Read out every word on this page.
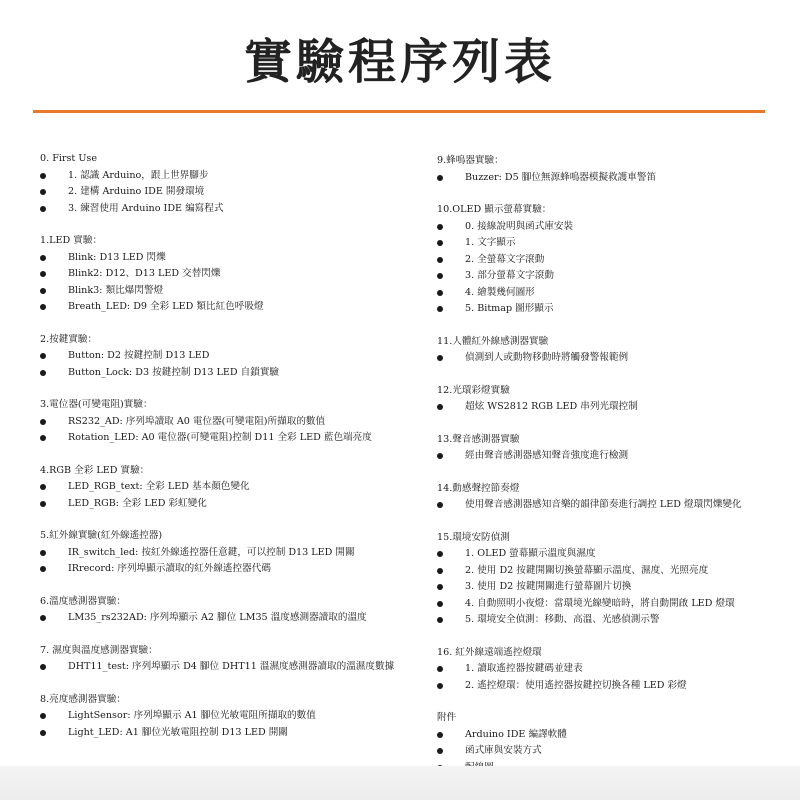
實驗程序列表
0. First Use
1. 認識 Arduino，跟上世界腳步
2. 建構 Arduino IDE 開發環境
3. 練習使用 Arduino IDE 編寫程式
1.LED 實驗：
Blink: D13 LED 閃爍
Blink2: D12、D13 LED 交替閃爍
Blink3: 類比爆閃警燈
Breath_LED: D9 全彩 LED 類比紅色呼吸燈
2.按鍵實驗：
Button: D2 按鍵控制 D13 LED
Button_Lock: D3 按鍵控制 D13 LED 自鎖實驗
3.電位器(可變電阻)實驗：
RS232_AD: 序列埠讀取 A0 電位器(可變電阻)所擷取的數值
Rotation_LED: A0 電位器(可變電阻)控制 D11 全彩 LED 藍色端亮度
4.RGB 全彩 LED 實驗：
LED_RGB_text: 全彩 LED 基本顏色變化
LED_RGB: 全彩 LED 彩虹變化
5.紅外線實驗(紅外線遙控器)
IR_switch_led: 按紅外線遙控器任意鍵，可以控制 D13 LED 開關
IRrecord: 序列埠顯示讀取的紅外線遙控器代碼
6.溫度感測器實驗：
LM35_rs232AD: 序列埠顯示 A2 腳位 LM35 溫度感測器讀取的溫度
7. 濕度與溫度感測器實驗：
DHT11_test: 序列埠顯示 D4 腳位 DHT11 溫濕度感測器讀取的溫濕度數據
8.亮度感測器實驗：
LightSensor: 序列埠顯示 A1 腳位光敏電阻所擷取的數值
Light_LED: A1 腳位光敏電阻控制 D13 LED 開關
9.蜂鳴器實驗：
Buzzer: D5 腳位無源蜂鳴器模擬救護車警笛
10.OLED 顯示螢幕實驗：
0. 接線說明與函式庫安裝
1. 文字顯示
2. 全螢幕文字滾動
3. 部分螢幕文字滾動
4. 繪製幾何圖形
5. Bitmap 圖形顯示
11.人體紅外線感測器實驗
偵測到人或動物移動時將觸發警報範例
12.光環彩燈實驗
超炫 WS2812 RGB LED 串列光環控制
13.聲音感測器實驗
經由聲音感測器感知聲音強度進行檢測
14.動感聲控節奏燈
使用聲音感測器感知音樂的韻律節奏進行調控 LED 燈環閃爍變化
15.環境安防偵測
1. OLED 螢幕顯示溫度與濕度
2. 使用 D2 按鍵開關切換螢幕顯示溫度、濕度、光照亮度
3. 使用 D2 按鍵開關進行螢幕圖片切換
4. 自動照明小夜燈：當環境光線變暗時，將自動開啟 LED 燈環
5. 環境安全偵測：移動、高溫、光感偵測示警
16. 紅外線遠端遙控燈環
1. 讀取遙控器按鍵碼並建表
2. 遙控燈環：使用遙控器按鍵控切換各種 LED 彩燈
附件
Arduino IDE 編譯軟體
函式庫與安裝方式
